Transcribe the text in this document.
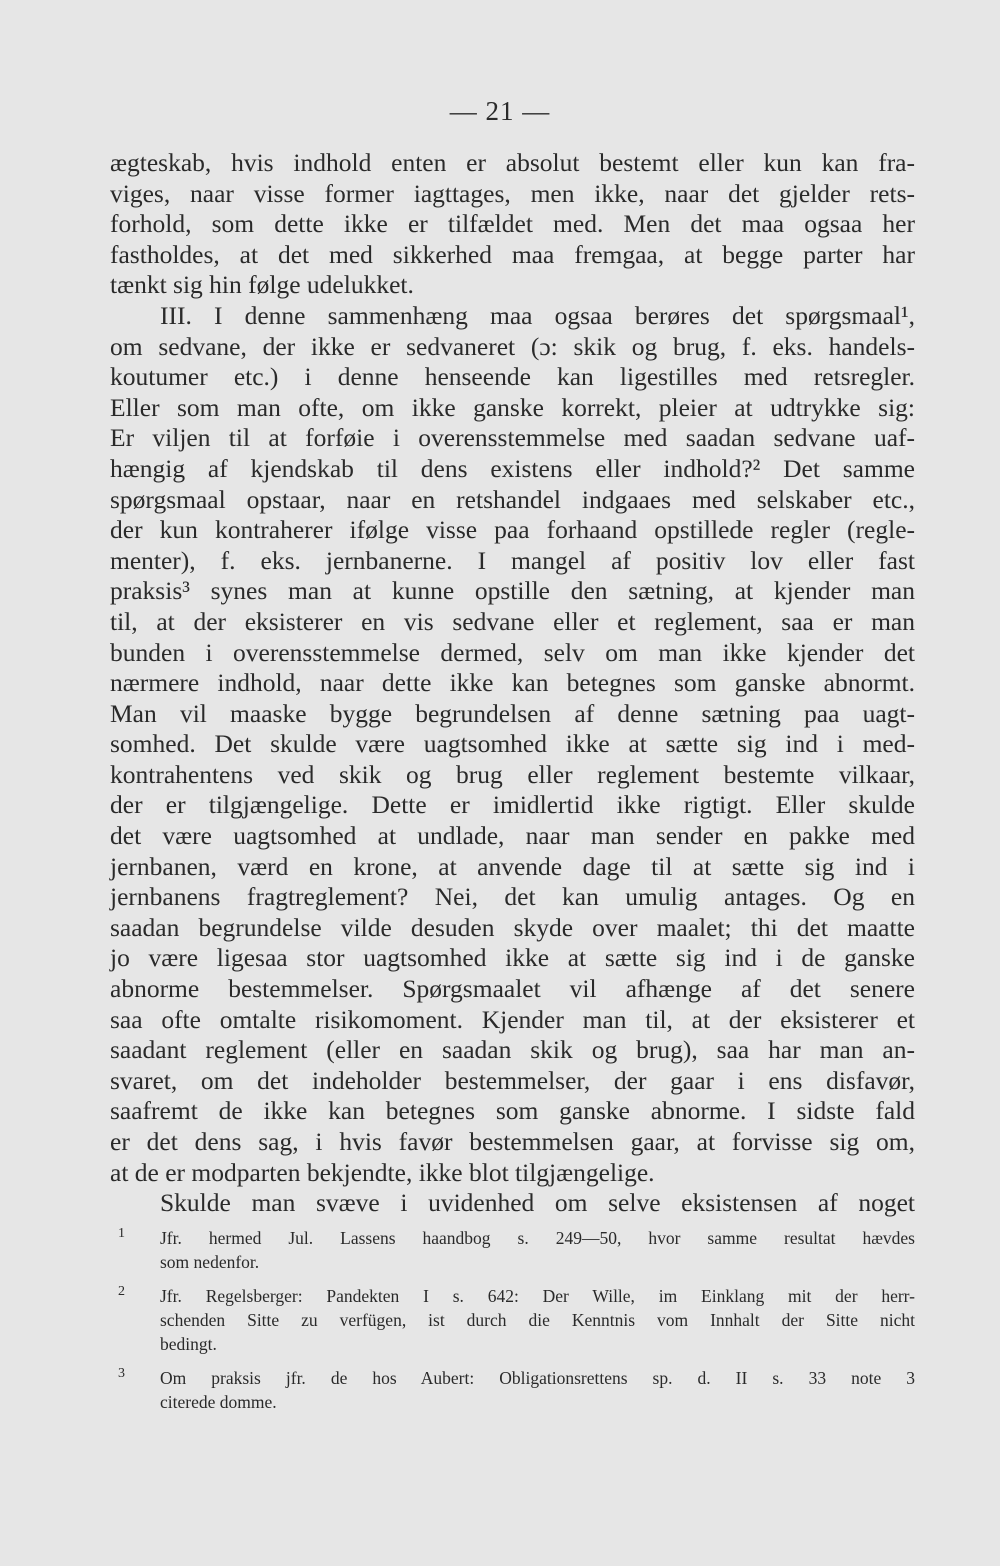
— 21 —
ægteskab, hvis indhold enten er absolut bestemt eller kun kan fra-
viges, naar visse former iagttages, men ikke, naar det gjelder rets-
forhold, som dette ikke er tilfældet med. Men det maa ogsaa her
fastholdes, at det med sikkerhed maa fremgaa, at begge parter har
tænkt sig hin følge udelukket.
III. I denne sammenhæng maa ogsaa berøres det spørgsmaal¹,
om sedvane, der ikke er sedvaneret (ɔ: skik og brug, f. eks. handels-
koutumer etc.) i denne henseende kan ligestilles med retsregler.
Eller som man ofte, om ikke ganske korrekt, pleier at udtrykke sig:
Er viljen til at forføie i overensstemmelse med saadan sedvane uaf-
hængig af kjendskab til dens existens eller indhold?² Det samme
spørgsmaal opstaar, naar en retshandel indgaaes med selskaber etc.,
der kun kontraherer ifølge visse paa forhaand opstillede regler (regle-
menter), f. eks. jernbanerne. I mangel af positiv lov eller fast
praksis³ synes man at kunne opstille den sætning, at kjender man
til, at der eksisterer en vis sedvane eller et reglement, saa er man
bunden i overensstemmelse dermed, selv om man ikke kjender det
nærmere indhold, naar dette ikke kan betegnes som ganske abnormt.
Man vil maaske bygge begrundelsen af denne sætning paa uagt-
somhed. Det skulde være uagtsomhed ikke at sætte sig ind i med-
kontrahentens ved skik og brug eller reglement bestemte vilkaar,
der er tilgjængelige. Dette er imidlertid ikke rigtigt. Eller skulde
det være uagtsomhed at undlade, naar man sender en pakke med
jernbanen, værd en krone, at anvende dage til at sætte sig ind i
jernbanens fragtreglement? Nei, det kan umulig antages. Og en
saadan begrundelse vilde desuden skyde over maalet; thi det maatte
jo være ligesaa stor uagtsomhed ikke at sætte sig ind i de ganske
abnorme bestemmelser. Spørgsmaalet vil afhænge af det senere
saa ofte omtalte risikomoment. Kjender man til, at der eksisterer et
saadant reglement (eller en saadan skik og brug), saa har man an-
svaret, om det indeholder bestemmelser, der gaar i ens disfavør,
saafremt de ikke kan betegnes som ganske abnorme. I sidste fald
er det dens sag, i hvis favør bestemmelsen gaar, at forvisse sig om,
at de er modparten bekjendte, ikke blot tilgjængelige.
Skulde man svæve i uvidenhed om selve eksistensen af noget
1 Jfr. hermed Jul. Lassens haandbog s. 249—50, hvor samme resultat hævdes
som nedenfor.
2 Jfr. Regelsberger: Pandekten I s. 642: Der Wille, im Einklang mit der herr-
schenden Sitte zu verfügen, ist durch die Kenntnis vom Innhalt der Sitte nicht
bedingt.
3 Om praksis jfr. de hos Aubert: Obligationsrettens sp. d. II s. 33 note 3
citerede domme.
